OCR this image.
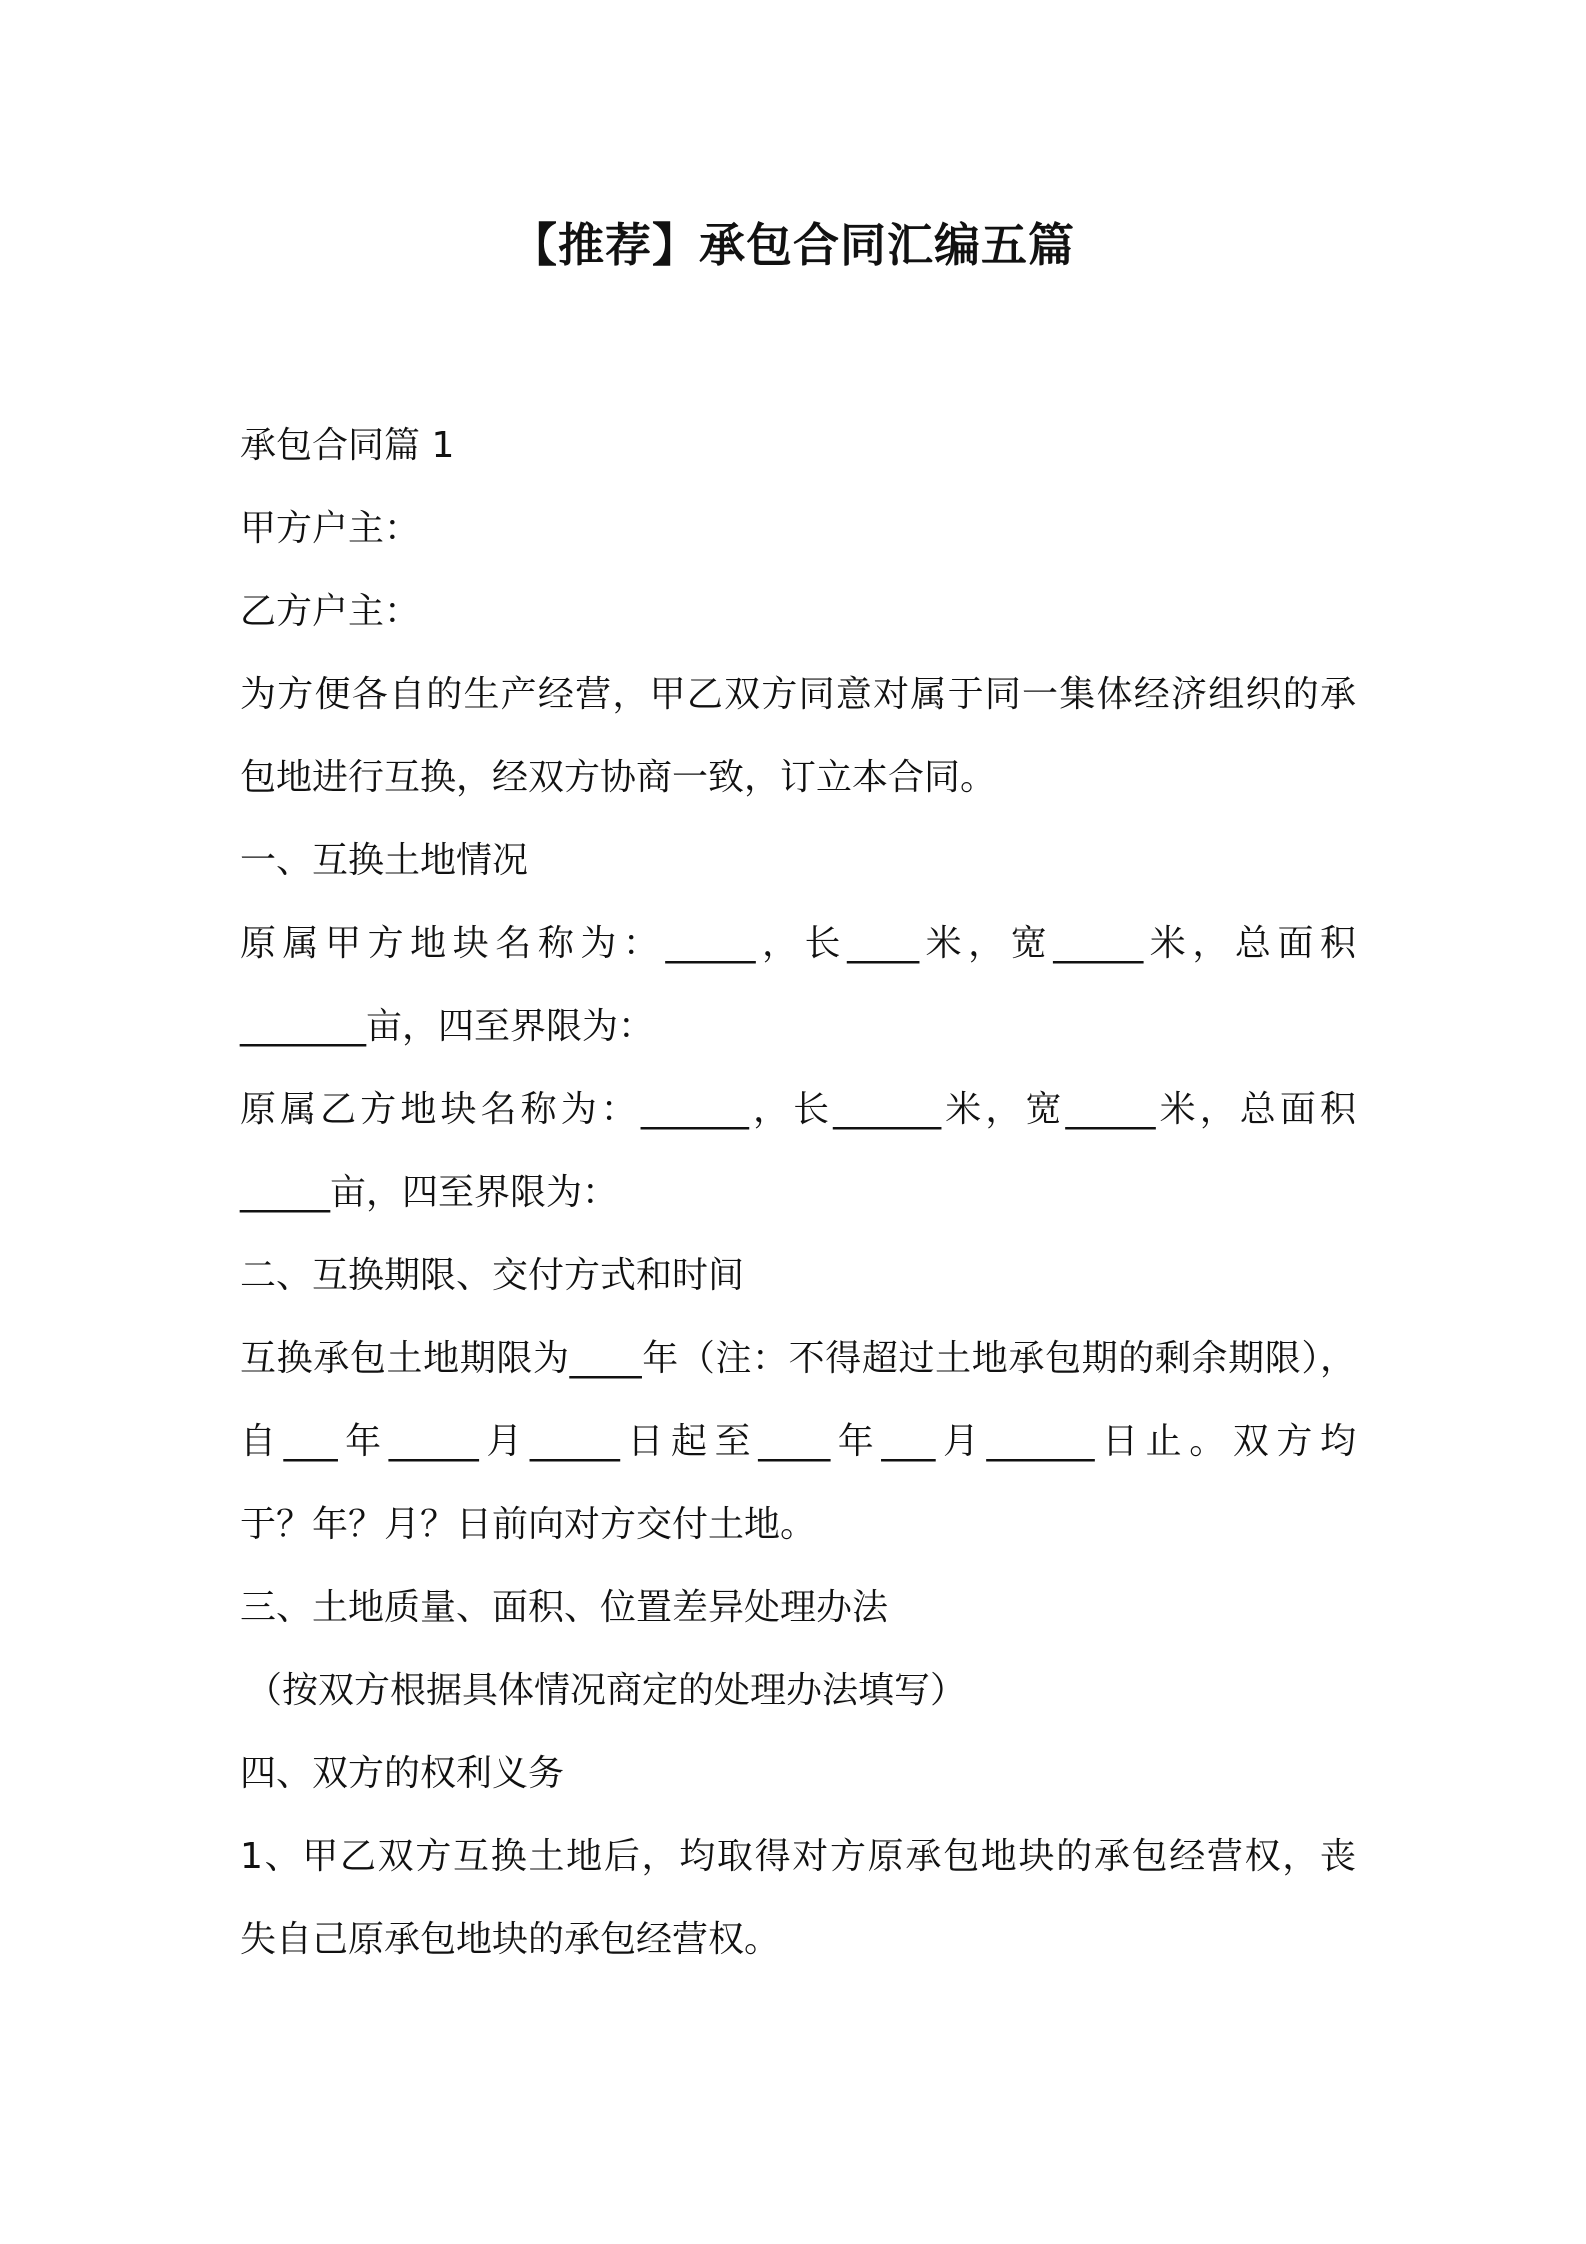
【推荐】承包合同汇编五篇
承包合同篇 1
甲方户主：
乙方户主：
为方便各自的生产经营，甲乙双方同意对属于同一集体经济组织的承
包地进行互换，经双方协商一致，订立本合同。
一、互换土地情况
原属甲方地块名称为：_____，长____米，宽_____米，总面积
_______亩，四至界限为：
原属乙方地块名称为：______，长______米，宽_____米，总面积
_____亩，四至界限为：
二、互换期限、交付方式和时间
互换承包土地期限为____年（注：不得超过土地承包期的剩余期限），
自___年_____月_____日起至____年___月______日止。双方均
于？年？月？日前向对方交付土地。
三、土地质量、面积、位置差异处理办法
（按双方根据具体情况商定的处理办法填写）
四、双方的权利义务
1、甲乙双方互换土地后，均取得对方原承包地块的承包经营权，丧
失自己原承包地块的承包经营权。
